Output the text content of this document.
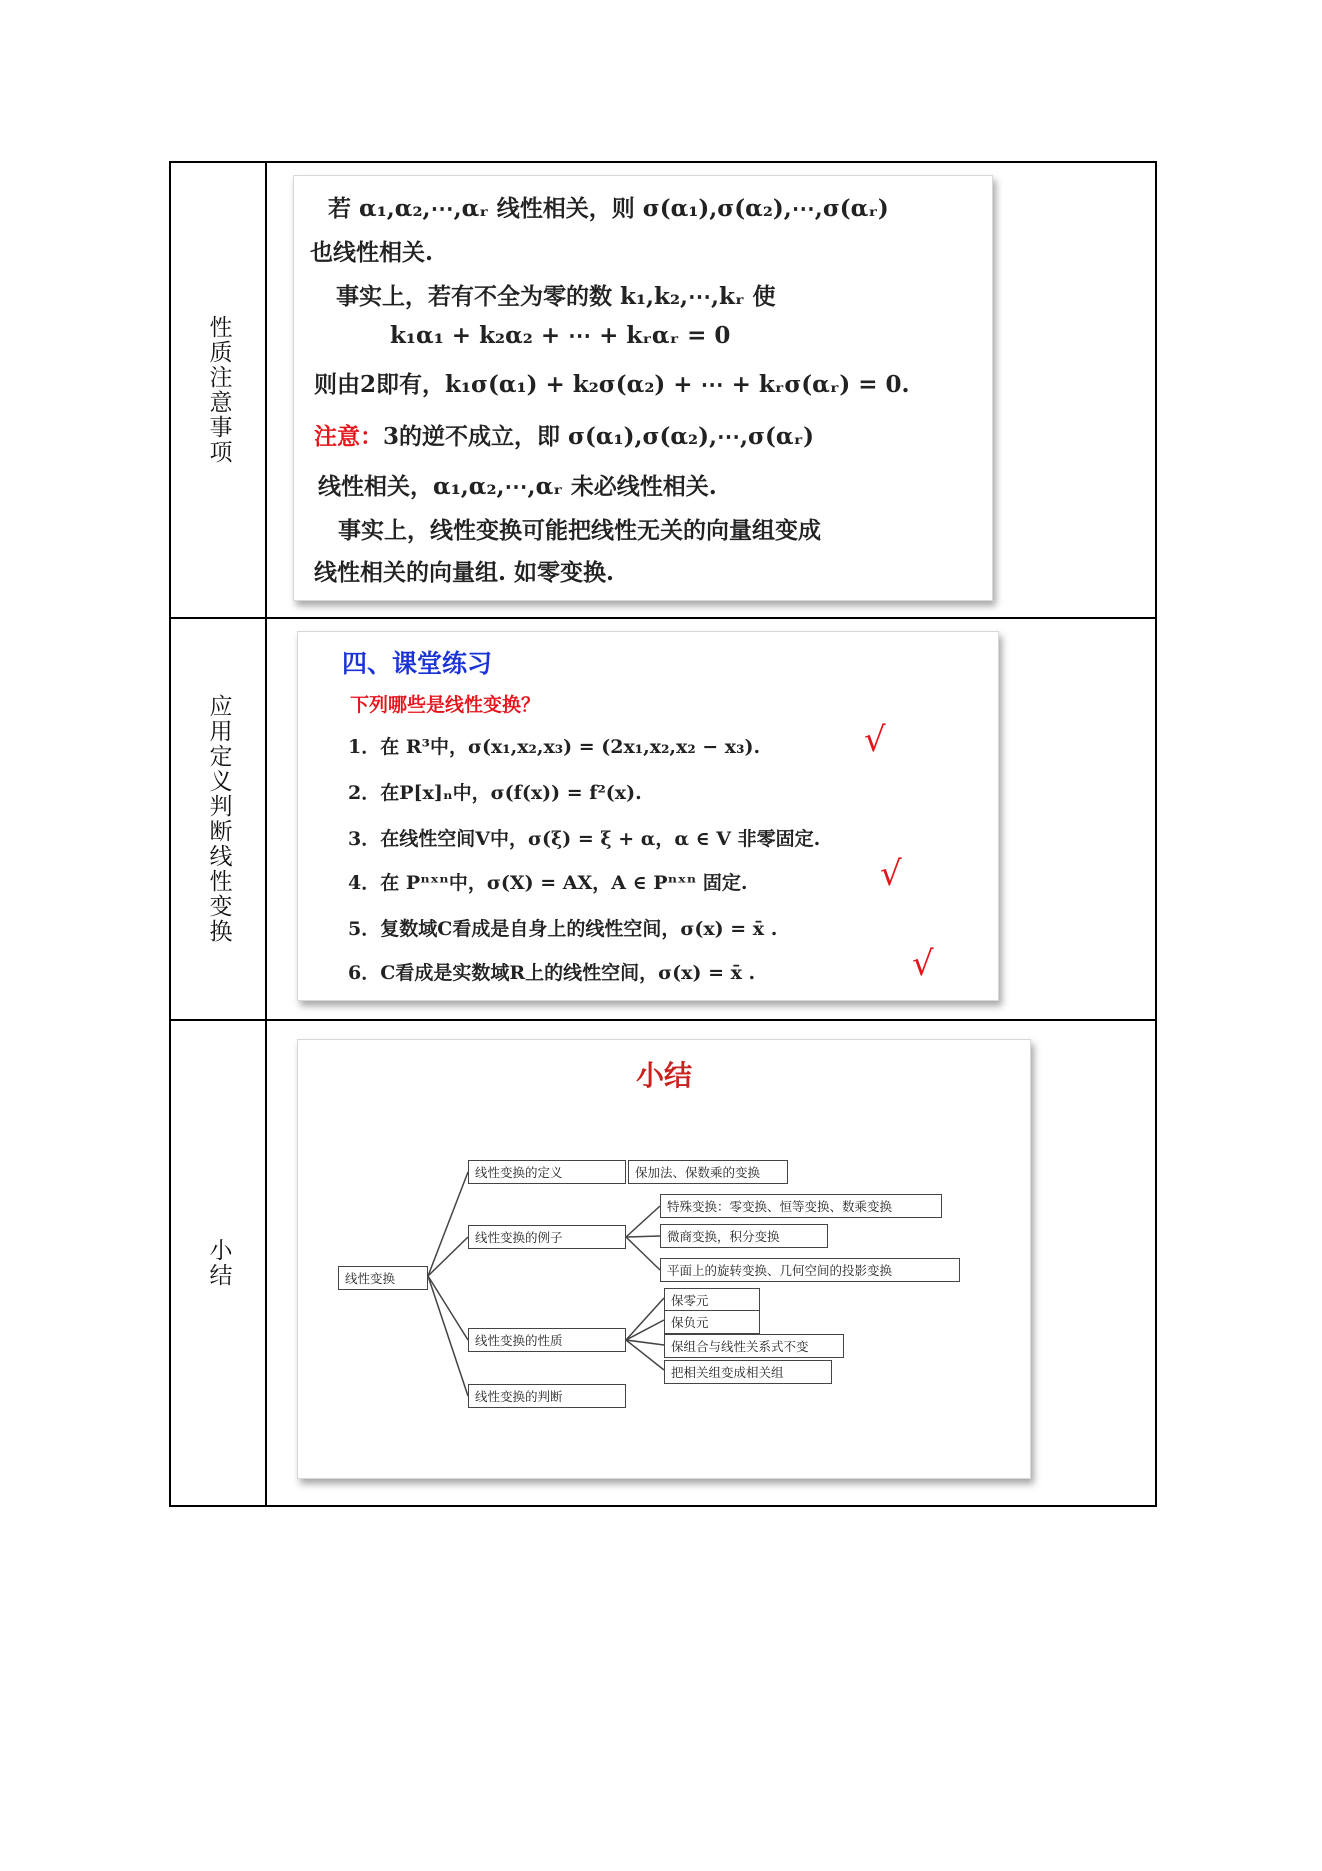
性质注意事项
若 α₁,α₂,⋯,αᵣ 线性相关，则 σ(α₁),σ(α₂),⋯,σ(αᵣ)
也线性相关.
事实上，若有不全为零的数 k₁,k₂,⋯,kᵣ 使
k₁α₁ + k₂α₂ + ⋯ + kᵣαᵣ = 0
则由2即有，k₁σ(α₁) + k₂σ(α₂) + ⋯ + kᵣσ(αᵣ) = 0.
注意：3的逆不成立，即 σ(α₁),σ(α₂),⋯,σ(αᵣ)
线性相关，α₁,α₂,⋯,αᵣ 未必线性相关.
事实上，线性变换可能把线性无关的向量组变成
线性相关的向量组. 如零变换.
应用定义判断线性变换
四、课堂练习
下列哪些是线性变换？
1．在 R³中，σ(x₁,x₂,x₃) = (2x₁,x₂,x₂ − x₃).	√
2．在P[x]ₙ中，σ(f(x)) = f²(x).
3．在线性空间V中，σ(ξ) = ξ + α，α ∈ V 非零固定.
4．在 Pⁿˣⁿ中，σ(X) = AX，A ∈ Pⁿˣⁿ 固定.	√
5．复数域C看成是自身上的线性空间，σ(x) = x̄ .
6．C看成是实数域R上的线性空间，σ(x) = x̄ .	√
小结
小结
线性变换
线性变换的定义	保加法、保数乘的变换
线性变换的例子
特殊变换：零变换、恒等变换、数乘变换
微商变换，积分变换
平面上的旋转变换、几何空间的投影变换
线性变换的性质
保零元
保负元
保组合与线性关系式不变
把相关组变成相关组
线性变换的判断
